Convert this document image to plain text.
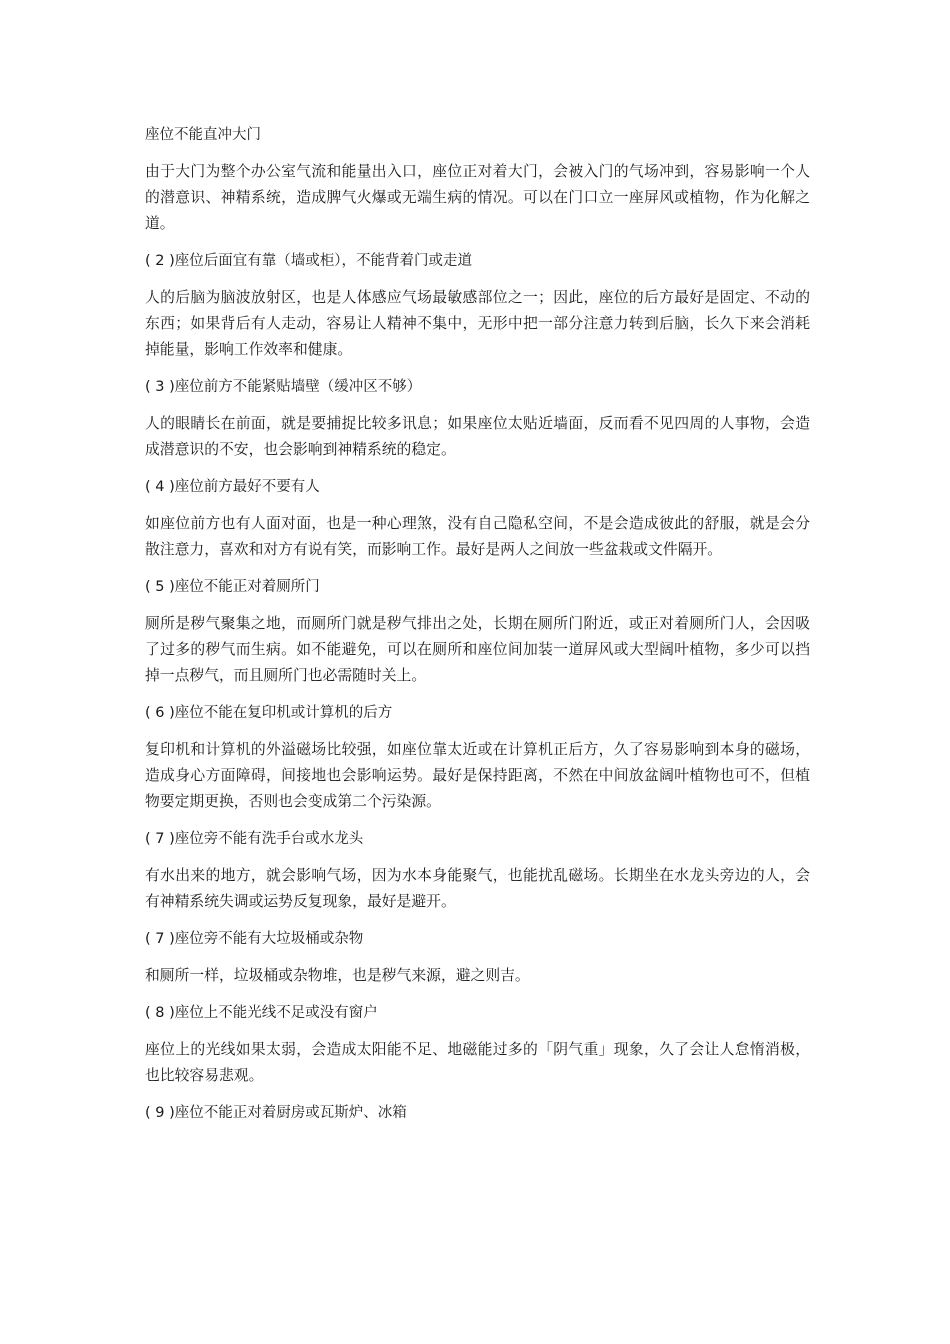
座位不能直冲大门

由于大门为整个办公室气流和能量出入口，座位正对着大门，会被入门的气场冲到，容易影响一个人的潜意识、神精系统，造成脾气火爆或无端生病的情况。可以在门口立一座屏风或植物，作为化解之道。

( 2 )座位后面宜有靠（墙或柜），不能背着门或走道

人的后脑为脑波放射区，也是人体感应气场最敏感部位之一；因此，座位的后方最好是固定、不动的东西；如果背后有人走动，容易让人精神不集中，无形中把一部分注意力转到后脑，长久下来会消耗掉能量，影响工作效率和健康。

( 3 )座位前方不能紧贴墙壁（缓冲区不够）

人的眼睛长在前面，就是要捕捉比较多讯息；如果座位太贴近墙面，反而看不见四周的人事物，会造成潜意识的不安，也会影响到神精系统的稳定。

( 4 )座位前方最好不要有人

如座位前方也有人面对面，也是一种心理煞，没有自己隐私空间，不是会造成彼此的舒服，就是会分散注意力，喜欢和对方有说有笑，而影响工作。最好是两人之间放一些盆栽或文件隔开。

( 5 )座位不能正对着厕所门

厕所是秽气聚集之地，而厕所门就是秽气排出之处，长期在厕所门附近，或正对着厕所门人，会因吸了过多的秽气而生病。如不能避免，可以在厕所和座位间加装一道屏风或大型阔叶植物，多少可以挡掉一点秽气，而且厕所门也必需随时关上。

( 6 )座位不能在复印机或计算机的后方

复印机和计算机的外溢磁场比较强，如座位靠太近或在计算机正后方，久了容易影响到本身的磁场，造成身心方面障碍，间接地也会影响运势。最好是保持距离，不然在中间放盆阔叶植物也可不，但植物要定期更换，否则也会变成第二个污染源。

( 7 )座位旁不能有洗手台或水龙头

有水出来的地方，就会影响气场，因为水本身能聚气，也能扰乱磁场。长期坐在水龙头旁边的人，会有神精系统失调或运势反复现象，最好是避开。

( 7 )座位旁不能有大垃圾桶或杂物

和厕所一样，垃圾桶或杂物堆，也是秽气来源，避之则吉。

( 8 )座位上不能光线不足或没有窗户

座位上的光线如果太弱，会造成太阳能不足、地磁能过多的「阴气重」现象，久了会让人怠惰消极，也比较容易悲观。

( 9 )座位不能正对着厨房或瓦斯炉、冰箱
